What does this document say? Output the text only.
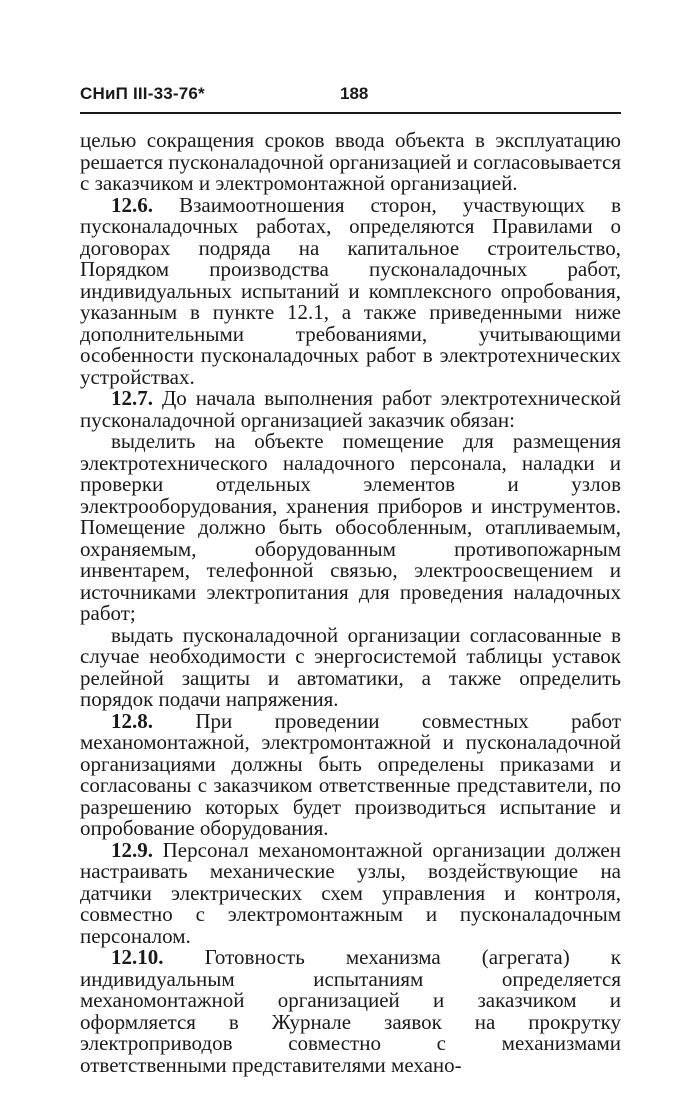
СНиП III-33-76*	188

целью сокращения сроков ввода объекта в эксплуатацию решается пусконаладочной организацией и согласовывается с заказчиком и электромонтажной организацией.

12.6. Взаимоотношения сторон, участвующих в пусконаладочных работах, определяются Правилами о договорах подряда на капитальное строительство, Порядком производства пусконаладочных работ, индивидуальных испытаний и комплексного опробования, указанным в пункте 12.1, а также приведенными ниже дополнительными требованиями, учитывающими особенности пусконаладочных работ в электротехнических устройствах.

12.7. До начала выполнения работ электротехнической пусконаладочной организацией заказчик обязан:

выделить на объекте помещение для размещения электротехнического наладочного персонала, наладки и проверки отдельных элементов и узлов электрооборудования, хранения приборов и инструментов. Помещение должно быть обособленным, отапливаемым, охраняемым, оборудованным противопожарным инвентарем, телефонной связью, электроосвещением и источниками электропитания для проведения наладочных работ;

выдать пусконаладочной организации согласованные в случае необходимости с энергосистемой таблицы уставок релейной защиты и автоматики, а также определить порядок подачи напряжения.

12.8. При проведении совместных работ механомонтажной, электромонтажной и пусконаладочной организациями должны быть определены приказами и согласованы с заказчиком ответственные представители, по разрешению которых будет производиться испытание и опробование оборудования.

12.9. Персонал механомонтажной организации должен настраивать механические узлы, воздействующие на датчики электрических схем управления и контроля, совместно с электромонтажным и пусконаладочным персоналом.

12.10. Готовность механизма (агрегата) к индивидуальным испытаниям определяется механомонтажной организацией и заказчиком и оформляется в Журнале заявок на прокрутку электроприводов совместно с механизмами ответственными представителями механо-
